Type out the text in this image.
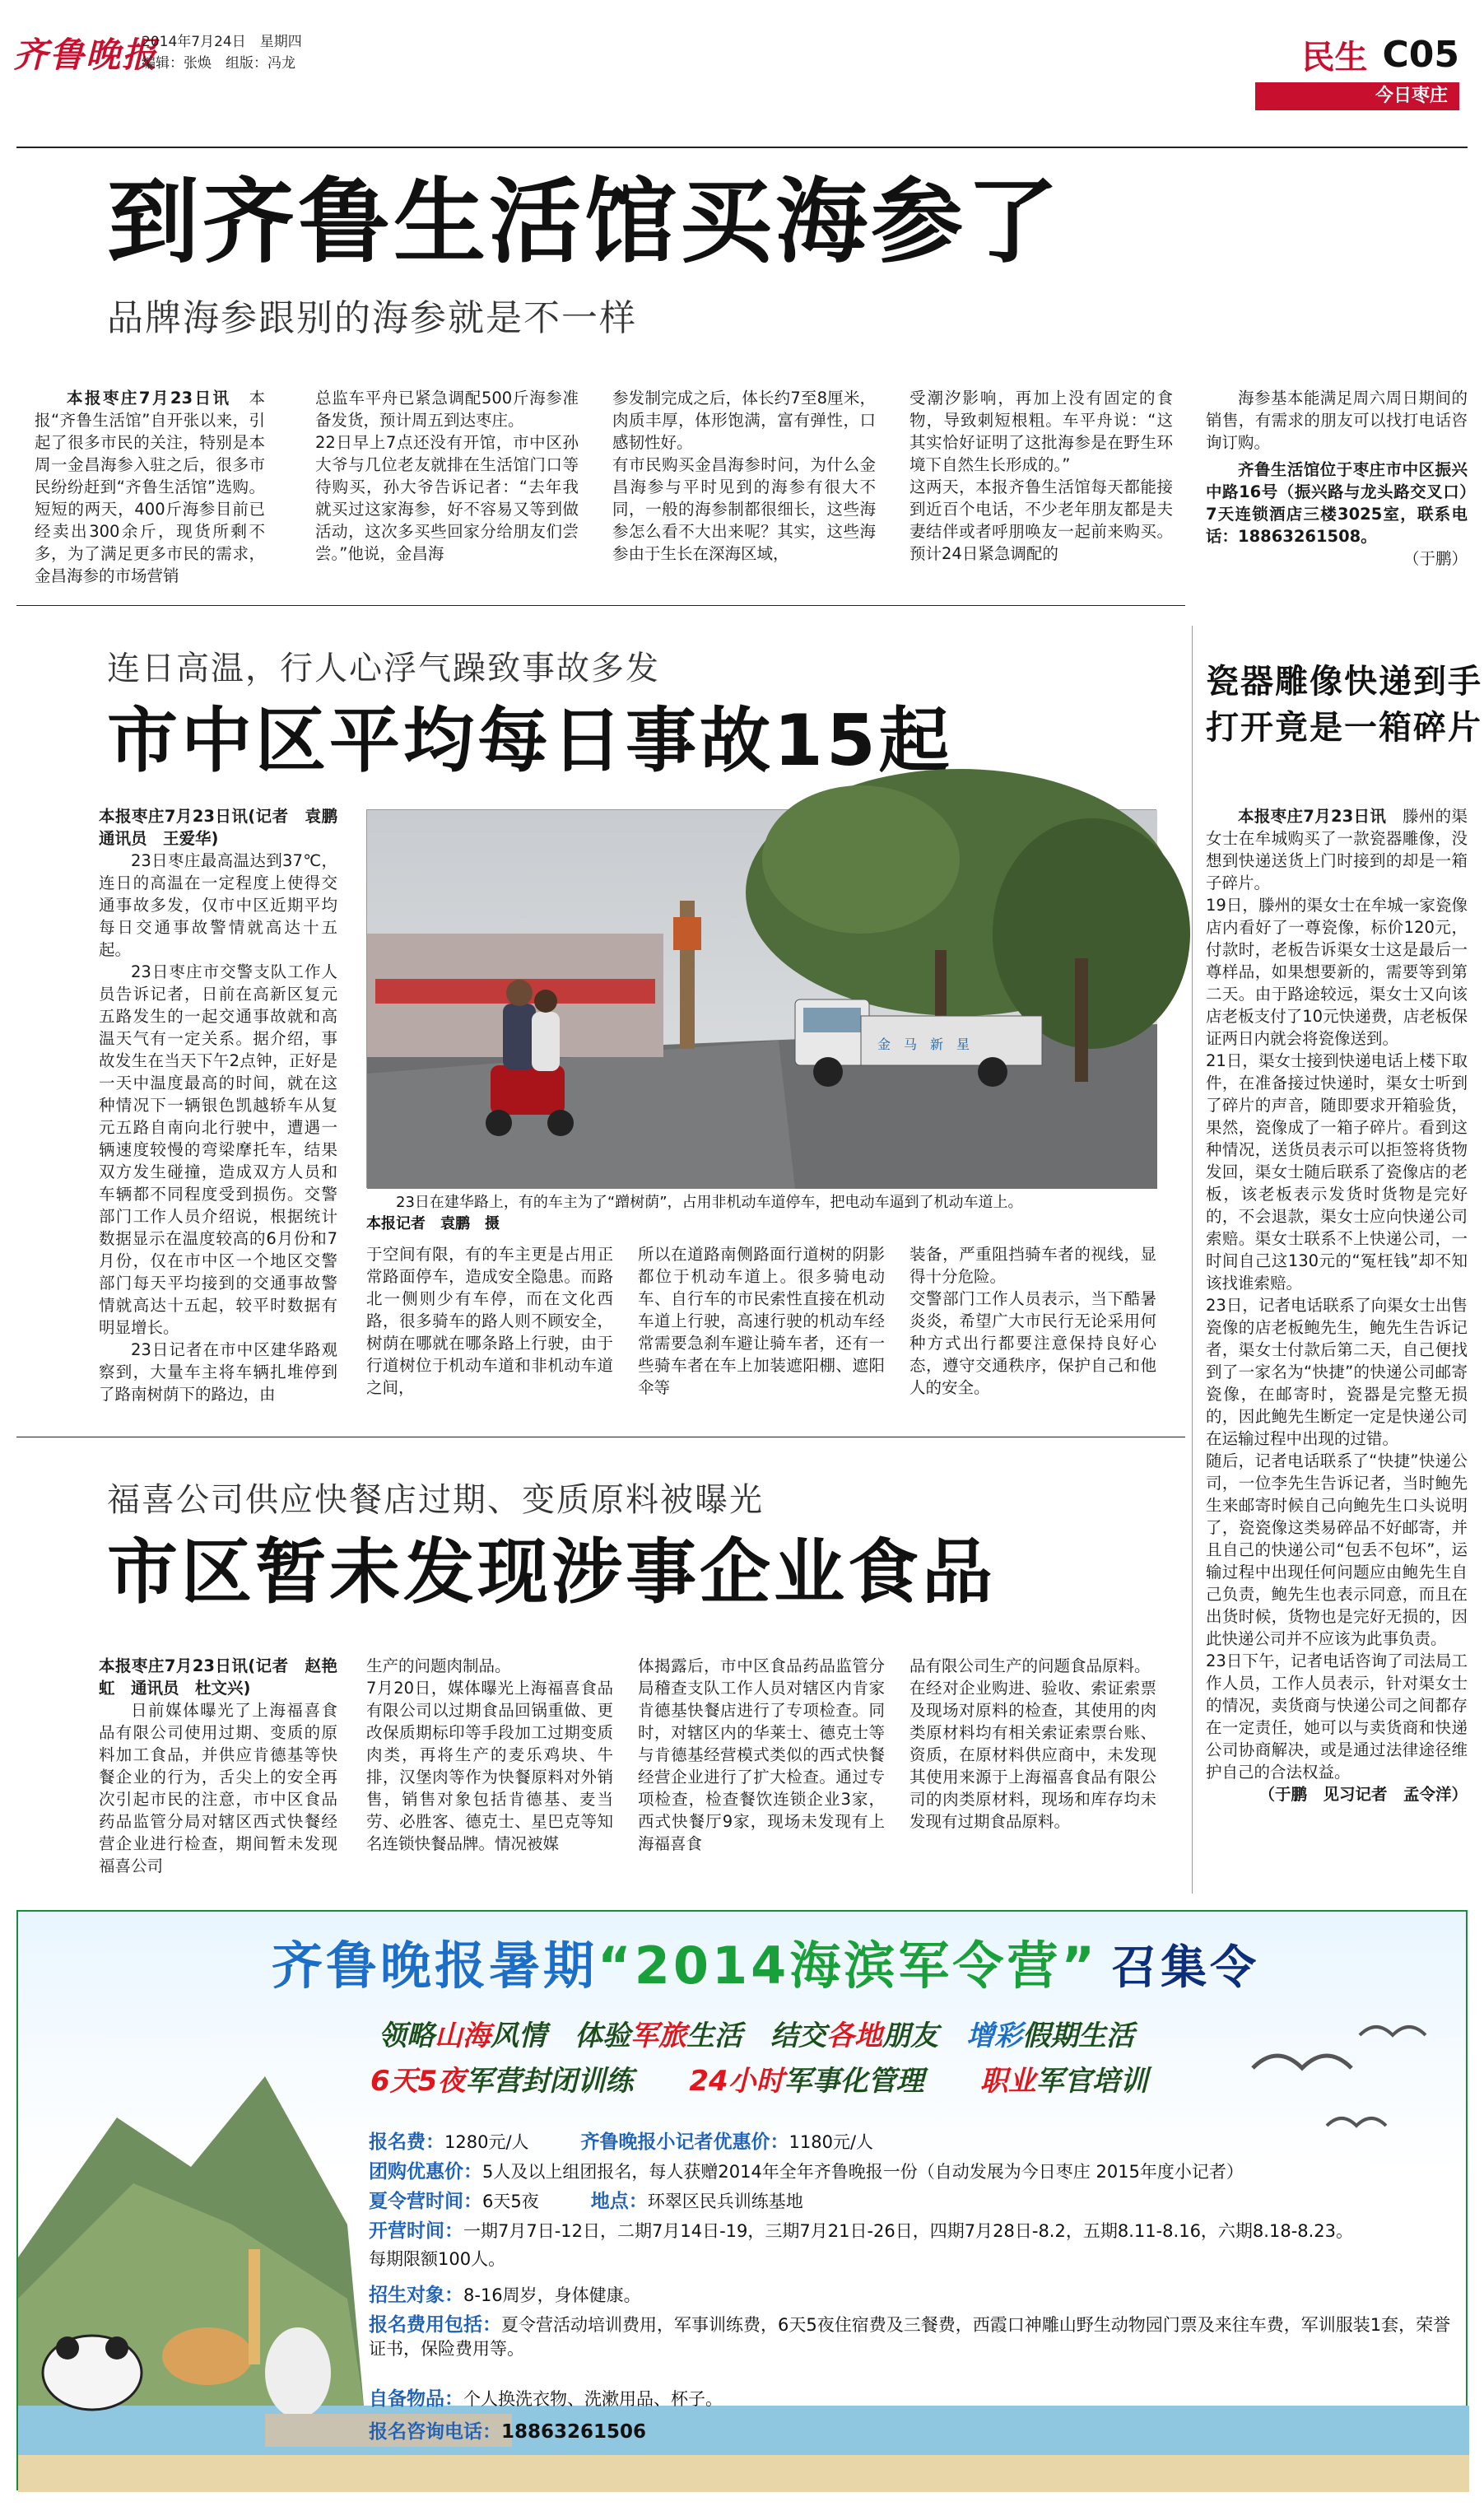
齐鲁晚报
2014年7月24日　星期四
编辑：张焕　组版：冯龙	民生 C05
今日枣庄
到齐鲁生活馆买海参了
品牌海参跟别的海参就是不一样

本报枣庄7月23日讯　 本报“齐鲁生活馆”自开张以来，引起了很多市民的关注，特别是本周一金昌海参入驻之后，很多市民纷纷赶到“齐鲁生活馆”选购。短短的两天，400斤海参目前已经卖出300余斤，现货所剩不多，为了满足更多市民的需求，金昌海参的市场营销

总监车平舟已紧急调配500斤海参准备发货，预计周五到达枣庄。
22日早上7点还没有开馆，市中区孙大爷与几位老友就排在生活馆门口等待购买，孙大爷告诉记者：“去年我就买过这家海参，好不容易又等到做活动，这次多买些回家分给朋友们尝尝。”他说，金昌海
参发制完成之后，体长约7至8厘米，肉质丰厚，体形饱满，富有弹性，口感韧性好。
有市民购买金昌海参时问，为什么金昌海参与平时见到的海参有很大不同，一般的海参制都很细长，这些海参怎么看不大出来呢？其实，这些海参由于生长在深海区域，
受潮汐影响，再加上没有固定的食物，导致刺短根粗。车平舟说：“这其实恰好证明了这批海参是在野生环境下自然生长形成的。”
这两天，本报齐鲁生活馆每天都能接到近百个电话，不少老年朋友都是夫妻结伴或者呼朋唤友一起前来购买。预计24日紧急调配的

海参基本能满足周六周日期间的销售，有需求的朋友可以找打电话咨询订购。

齐鲁生活馆位于枣庄市中区振兴中路16号（振兴路与龙头路交叉口）7天连锁酒店三楼3025室，联系电话：18863261508。

（于鹏）
连日高温，行人心浮气躁致事故多发
市中区平均每日事故15起
本报枣庄7月23日讯(记者　袁鹏　通讯员　王爱华)

23日枣庄最高温达到37℃，连日的高温在一定程度上使得交通事故多发，仅市中区近期平均每日交通事故警情就高达十五起。

23日枣庄市交警支队工作人员告诉记者，日前在高新区复元五路发生的一起交通事故就和高温天气有一定关系。据介绍，事故发生在当天下午2点钟，正好是一天中温度最高的时间，就在这种情况下一辆银色凯越轿车从复元五路自南向北行驶中，遭遇一辆速度较慢的弯梁摩托车，结果双方发生碰撞，造成双方人员和车辆都不同程度受到损伤。交警部门工作人员介绍说，根据统计数据显示在温度较高的6月份和7月份，仅在市中区一个地区交警部门每天平均接到的交通事故警情就高达十五起，较平时数据有明显增长。

23日记者在市中区建华路观察到，大量车主将车辆扎堆停到了路南树荫下的路边，由

金　马　新　星
23日在建华路上，有的车主为了“蹭树荫”，占用非机动车道停车，把电动车逼到了机动车道上。
本报记者　袁鹏　摄
于空间有限，有的车主更是占用正常路面停车，造成安全隐患。而路北一侧则少有车停，而在文化西路，很多骑车的路人则不顾安全，树荫在哪就在哪条路上行驶，由于行道树位于机动车道和非机动车道之间，
所以在道路南侧路面行道树的阴影都位于机动车道上。很多骑电动车、自行车的市民索性直接在机动车道上行驶，高速行驶的机动车经常需要急刹车避让骑车者，还有一些骑车者在车上加装遮阳棚、遮阳伞等
装备，严重阻挡骑车者的视线，显得十分危险。
交警部门工作人员表示，当下酷暑炎炎，希望广大市民行无论采用何种方式出行都要注意保持良好心态，遵守交通秩序，保护自己和他人的安全。
瓷器雕像快递到手
打开竟是一箱碎片

本报枣庄7月23日讯　 滕州的渠女士在牟城购买了一款瓷器雕像，没想到快递送货上门时接到的却是一箱子碎片。
19日，滕州的渠女士在牟城一家瓷像店内看好了一尊瓷像，标价120元，付款时，老板告诉渠女士这是最后一尊样品，如果想要新的，需要等到第二天。由于路途较远，渠女士又向该店老板支付了10元快递费，店老板保证两日内就会将瓷像送到。
21日，渠女士接到快递电话上楼下取件，在准备接过快递时，渠女士听到了碎片的声音，随即要求开箱验货，果然，瓷像成了一箱子碎片。看到这种情况，送货员表示可以拒签将货物发回，渠女士随后联系了瓷像店的老板，该老板表示发货时货物是完好的，不会退款，渠女士应向快递公司索赔。渠女士联系不上快递公司，一时间自己这130元的“冤枉钱”却不知该找谁索赔。
23日，记者电话联系了向渠女士出售瓷像的店老板鲍先生，鲍先生告诉记者，渠女士付款后第二天，自己便找到了一家名为“快捷”的快递公司邮寄瓷像，在邮寄时，瓷器是完整无损的，因此鲍先生断定一定是快递公司在运输过程中出现的过错。
随后，记者电话联系了“快捷”快递公司，一位李先生告诉记者，当时鲍先生来邮寄时候自己向鲍先生口头说明了，瓷瓷像这类易碎品不好邮寄，并且自己的快递公司“包丢不包坏”，运输过程中出现任何问题应由鲍先生自己负责，鲍先生也表示同意，而且在出货时候，货物也是完好无损的，因此快递公司并不应该为此事负责。
23日下午，记者电话咨询了司法局工作人员，工作人员表示，针对渠女士的情况，卖货商与快递公司之间都存在一定责任，她可以与卖货商和快递公司协商解决，或是通过法律途径维护自己的合法权益。

（于鹏　见习记者　孟令洋）
福喜公司供应快餐店过期、变质原料被曝光
市区暂未发现涉事企业食品
本报枣庄7月23日讯(记者　赵艳虹　通讯员　杜文兴)

日前媒体曝光了上海福喜食品有限公司使用过期、变质的原料加工食品，并供应肯德基等快餐企业的行为，舌尖上的安全再次引起市民的注意，市中区食品药品监管分局对辖区西式快餐经营企业进行检查，期间暂未发现福喜公司

生产的问题肉制品。
7月20日，媒体曝光上海福喜食品有限公司以过期食品回锅重做、更改保质期标印等手段加工过期变质肉类，再将生产的麦乐鸡块、牛排，汉堡肉等作为快餐原料对外销售，销售对象包括肯德基、麦当劳、必胜客、德克士、星巴克等知名连锁快餐品牌。情况被媒
体揭露后，市中区食品药品监管分局稽查支队工作人员对辖区内肯家肯德基快餐店进行了专项检查。同时，对辖区内的华莱士、德克士等与肯德基经营模式类似的西式快餐经营企业进行了扩大检查。通过专项检查，检查餐饮连锁企业3家，西式快餐厅9家，现场未发现有上海福喜食
品有限公司生产的问题食品原料。
在经对企业购进、验收、索证索票及现场对原料的检查，其使用的肉类原材料均有相关索证索票台账、资质，在原材料供应商中，未发现其使用来源于上海福喜食品有限公司的肉类原材料，现场和库存均未发现有过期食品原料。
齐鲁晚报暑期“2014海滨军令营” 召集令
领略山海风情　体验军旅生活　结交各地朋友　增彩假期生活
6天5夜军营封闭训练　　24小时军事化管理　　职业军官培训
报名费：1280元/人　　　	齐鲁晚报小记者优惠价：1180元/人
团购优惠价：5人及以上组团报名，每人获赠2014年全年齐鲁晚报一份（自动发展为今日枣庄 2015年度小记者）
夏令营时间：6天5夜　　　	地点：环翠区民兵训练基地
开营时间：一期7月7日-12日，二期7月14日-19，三期7月21日-26日，四期7月28日-8.2，五期8.11-8.16，六期8.18-8.23。
每期限额100人。
招生对象：8-16周岁，身体健康。
报名费用包括：夏令营活动培训费用，军事训练费，6天5夜住宿费及三餐费，西霞口神雕山野生动物园门票及来往车费，军训服装1套，荣誉证书，保险费用等。
自备物品：个人换洗衣物、洗漱用品、杯子。
报名咨询电话：18863261506
